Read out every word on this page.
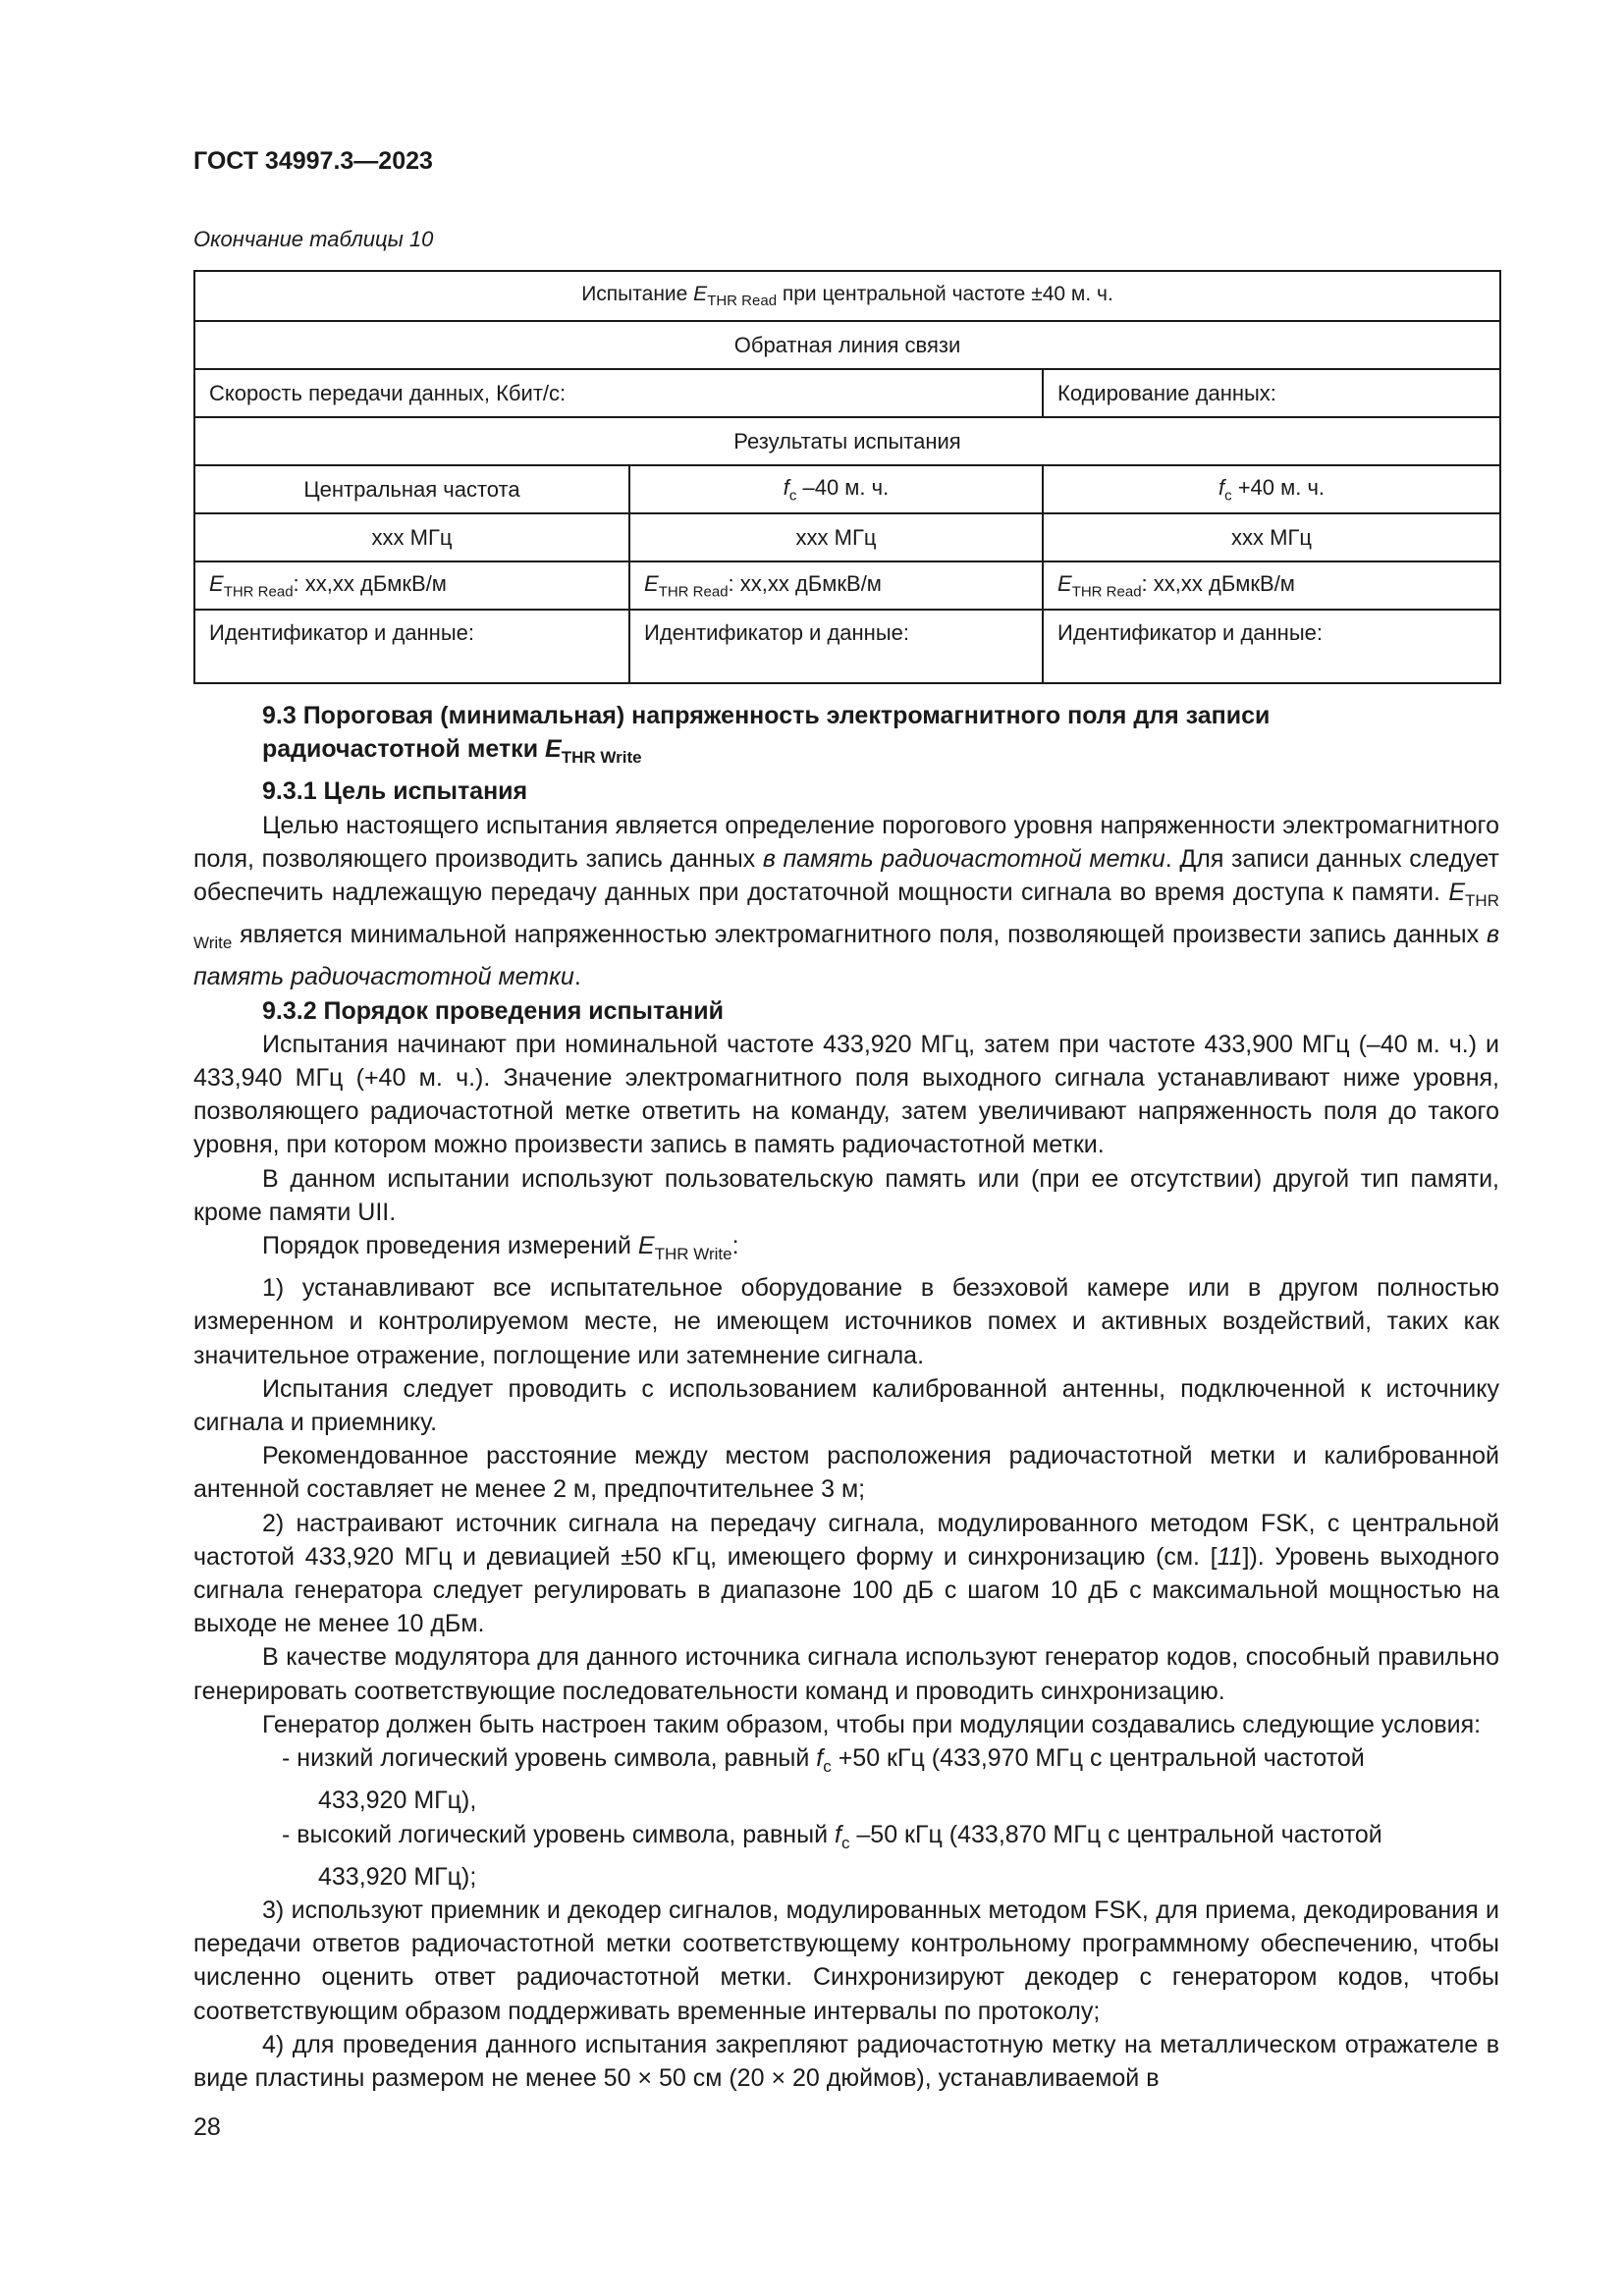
ГОСТ 34997.3—2023
Окончание таблицы 10
Испытание $E_{THR Read}$ при центральной частоте ±40 м. ч.		
Обратная линия связи		
Скорость передачи данных, Кбит/с:		Кодирование данных:
Результаты испытания		
Центральная частота	$f_c$ –40 м. ч.	$f_c +40$ м. ч.
ххх МГц	ххх МГц	ххх МГц
$E_{THR Read}$: хх,хх дБмкВ/м	$E_{THR Read}$: хх,хх дБмкВ/м	$E_{THR Read}$: хх,хх дБмкВ/м
Идентификатор и данные:	Идентификатор и данные:	Идентификатор и данные:

9.3 Пороговая (минимальная) напряженность электромагнитного поля для записи
радиочастотной метки $E_{THR Write}$

9.3.1 Цель испытания

Целью настоящего испытания является определение порогового уровня напряженности электромагнитного поля, позволяющего производить запись данных в память радиочастотной метки. Для записи данных следует обеспечить надлежащую передачу данных при достаточной мощности сигнала во время доступа к памяти. $E_{THR Write}$ является минимальной напряженностью электромагнитного поля, позволяющей произвести запись данных в память радиочастотной метки.

9.3.2 Порядок проведения испытаний

Испытания начинают при номинальной частоте 433,920 МГц, затем при частоте 433,900 МГц (–40 м. ч.) и 433,940 МГц (+40 м. ч.). Значение электромагнитного поля выходного сигнала устанавливают ниже уровня, позволяющего радиочастотной метке ответить на команду, затем увеличивают напряженность поля до такого уровня, при котором можно произвести запись в память радиочастотной метки.

В данном испытании используют пользовательскую память или (при ее отсутствии) другой тип памяти, кроме памяти UII.

Порядок проведения измерений $E_{THR Write}$:

1) устанавливают все испытательное оборудование в безэховой камере или в другом полностью измеренном и контролируемом месте, не имеющем источников помех и активных воздействий, таких как значительное отражение, поглощение или затемнение сигнала.

Испытания следует проводить с использованием калиброванной антенны, подключенной к источнику сигнала и приемнику.

Рекомендованное расстояние между местом расположения радиочастотной метки и калиброванной антенной составляет не менее 2 м, предпочтительнее 3 м;

2) настраивают источник сигнала на передачу сигнала, модулированного методом FSK, с центральной частотой 433,920 МГц и девиацией ±50 кГц, имеющего форму и синхронизацию (см. [11]). Уровень выходного сигнала генератора следует регулировать в диапазоне 100 дБ с шагом 10 дБ с максимальной мощностью на выходе не менее 10 дБм.

В качестве модулятора для данного источника сигнала используют генератор кодов, способный правильно генерировать соответствующие последовательности команд и проводить синхронизацию.

Генератор должен быть настроен таким образом, чтобы при модуляции создавались следующие условия:

- низкий логический уровень символа, равный $f_c +50$ кГц (433,970 МГц с центральной частотой

433,920 МГц),

- высокий логический уровень символа, равный $f_c$ –50 кГц (433,870 МГц с центральной частотой

433,920 МГц);

3) используют приемник и декодер сигналов, модулированных методом FSK, для приема, декодирования и передачи ответов радиочастотной метки соответствующему контрольному программному обеспечению, чтобы численно оценить ответ радиочастотной метки. Синхронизируют декодер с генератором кодов, чтобы соответствующим образом поддерживать временные интервалы по протоколу;

4) для проведения данного испытания закрепляют радиочастотную метку на металлическом отражателе в виде пластины размером не менее 50 × 50 см (20 × 20 дюймов), устанавливаемой в

28
